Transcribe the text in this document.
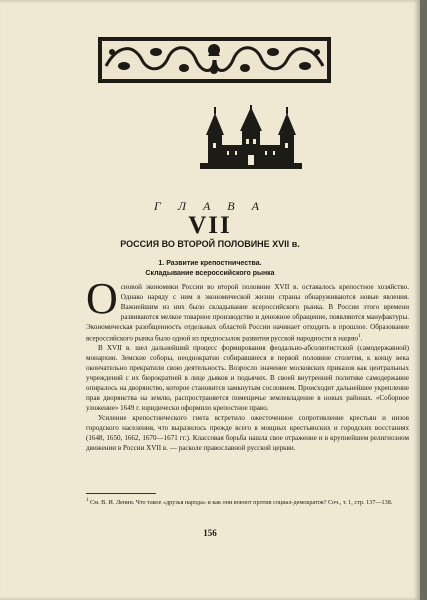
Г Л А В А
VII
РОССИЯ ВО ВТОРОЙ ПОЛОВИНЕ XVII в.
1. Развитие крепостничества.
Складывание всероссийского рынка

Основой экономики России во второй половине XVII в. оставалось крепостное хозяйство. Однако наряду с ним в экономической жизни страны обнаруживаются новые явления. Важнейшим из них было складывание всероссийского рынка. В России этого времени развиваются мелкое товарное производство и денежное обращение, появляются мануфактуры. Экономическая разобщенность отдельных областей России начинает отходить в прошлое. Образование всероссийского рынка было одной из предпосылок развития русской народности в нацию$^1$.

В XVII в. шел дальнейший процесс формирования феодально-абсолютистской (самодержавной) монархии. Земские соборы, неоднократно собиравшиеся в первой половине столетия, к концу века окончательно прекратили свою деятельность. Возросло значение московских приказов как центральных учреждений с их бюрократией в лице дьяков и подьячих. В своей внутренней политике самодержавие опиралось на дворянство, которое становится замкнутым сословием. Происходит дальнейшее укрепление прав дворянства на землю, распространяется помещичье землевладение в новых районах. «Соборное уложение» 1649 г. юридически оформило крепостное право.

Усиление крепостнического гнета встретило ожесточенное сопротивление крестьян и низов городского населения, что выразилось прежде всего в мощных крестьянских и городских восстаниях (1648, 1650, 1662, 1670—1671 гг.). Классовая борьба нашла свое отражение и в крупнейшем религиозном движении в России XVII в. — расколе православной русской церкви.

$^1$ См. В. И. Ленин. Что такое «друзья народа» и как они воюют против социал-демократов? Соч., т. 1, стр. 137—138.
156
